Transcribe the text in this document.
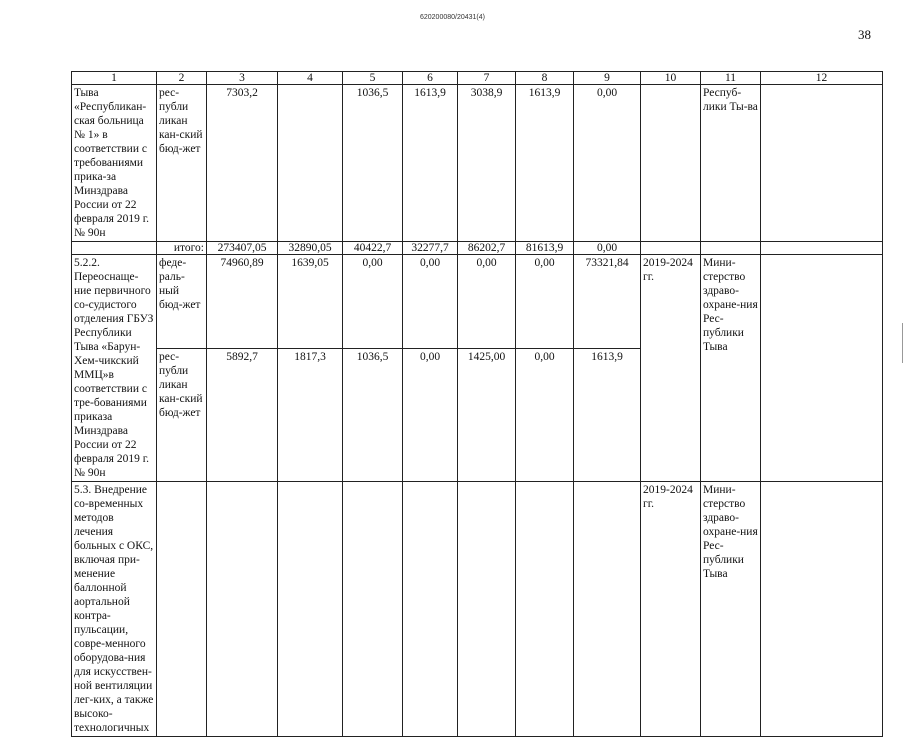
620200080/20431(4)
38
1	2	3	4	5	6	7	8	9	10	11	12
Тыва «Республикан-ская больница № 1» в соответствии с требованиями прика-за Минздрава России от 22 февраля 2019 г. № 90н	рес-публи ликан кан-ский бюд-жет	7303,2		1036,5	1613,9	3038,9	1613,9	0,00		Респуб-лики Ты-ва	
	итого:	273407,05	32890,05	40422,7	32277,7	86202,7	81613,9	0,00			
5.2.2. Переоснаще-ние первичного со-судистого отделения ГБУЗ Республики Тыва «Барун-Хем-чикский ММЦ»в соответствии с тре-бованиями приказа Минздрава России от 22 февраля 2019 г. № 90н	феде-раль-ный бюд-жет	74960,89	1639,05	0,00	0,00	0,00	0,00	73321,84	2019-2024 гг.	Мини-стерство здраво-охране-ния Рес-публики Тыва	
	рес-публи ликан кан-ский бюд-жет	5892,7	1817,3	1036,5	0,00	1425,00	0,00	1613,9			
5.3. Внедрение со-временных методов лечения больных с ОКС, включая при-менение баллонной аортальной контра-пульсации, совре-менного оборудова-ния для искусствен-ной вентиляции лег-ких, а также высоко-технологичных									2019-2024 гг.	Мини-стерство здраво-охране-ния Рес-публики Тыва	
